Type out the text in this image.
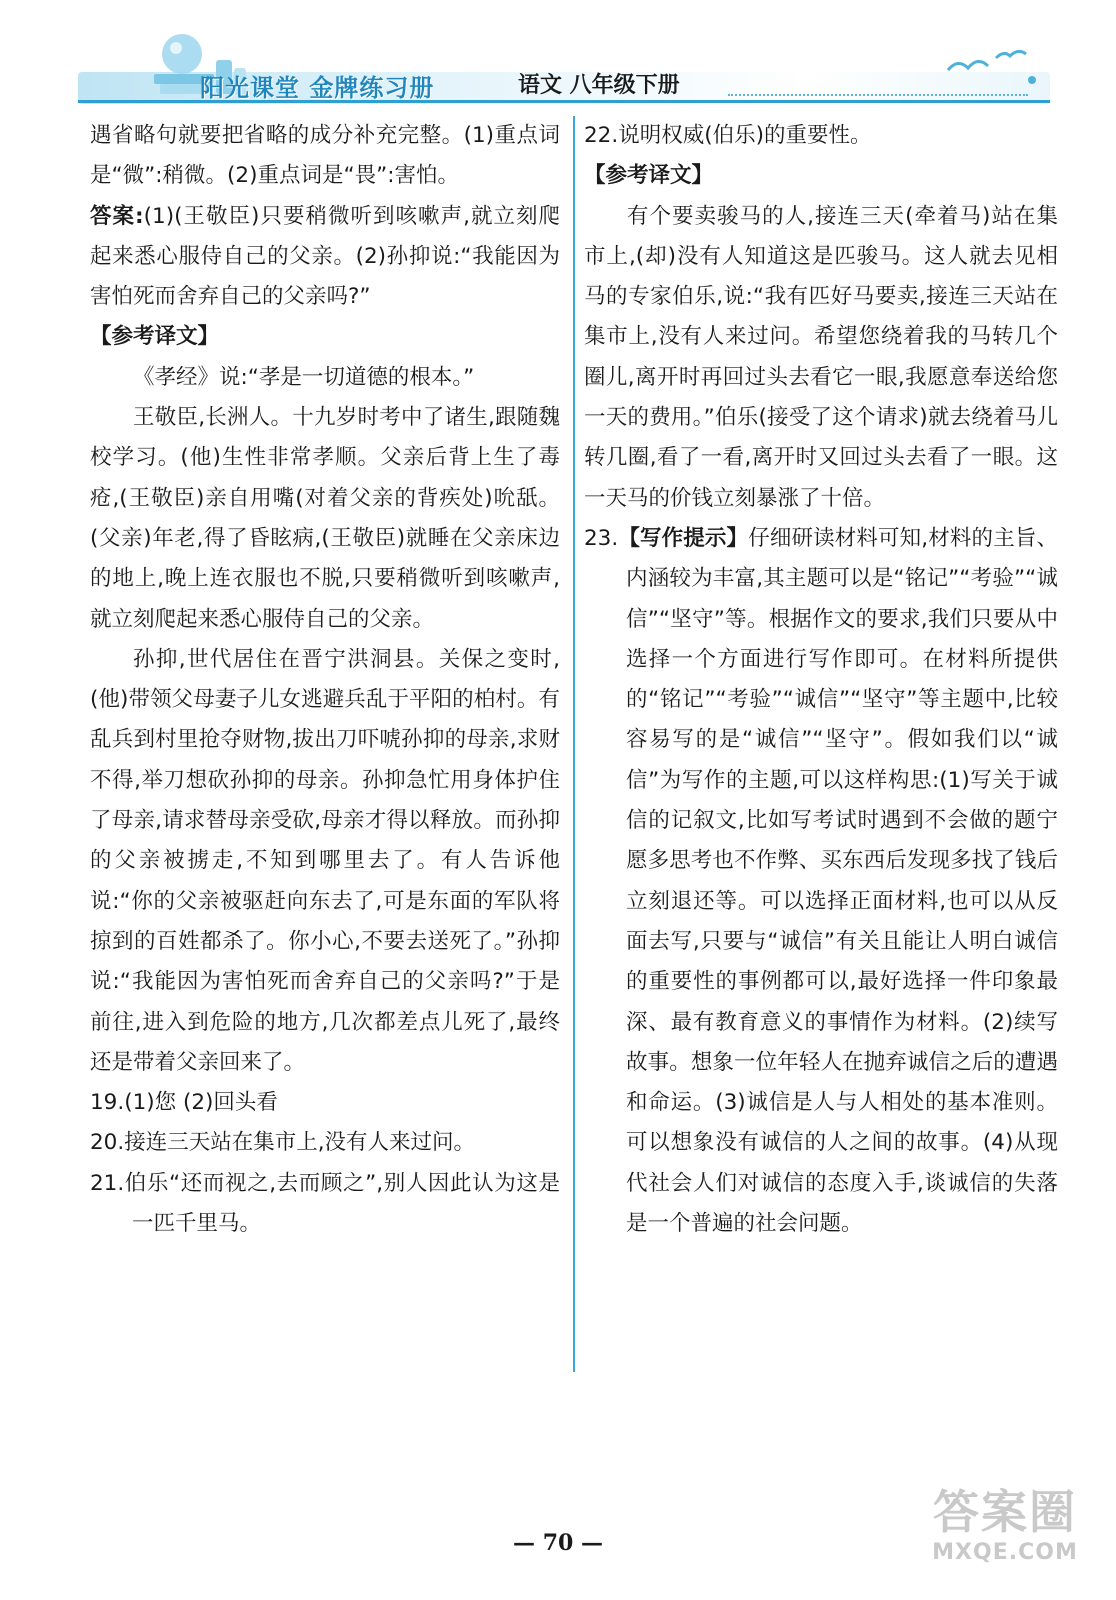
阳光课堂 金牌练习册	语文 八年级下册

遇省略句就要把省略的成分补充完整。(1)重点词是“微”:稍微。(2)重点词是“畏”:害怕。

答案:(1)(王敬臣)只要稍微听到咳嗽声,就立刻爬起来悉心服侍自己的父亲。(2)孙抑说:“我能因为害怕死而舍弃自己的父亲吗?”

【参考译文】

《孝经》说:“孝是一切道德的根本。”

王敬臣,长洲人。十九岁时考中了诸生,跟随魏校学习。(他)生性非常孝顺。父亲后背上生了毒疮,(王敬臣)亲自用嘴(对着父亲的背疾处)吮舐。(父亲)年老,得了昏眩病,(王敬臣)就睡在父亲床边的地上,晚上连衣服也不脱,只要稍微听到咳嗽声,就立刻爬起来悉心服侍自己的父亲。

孙抑,世代居住在晋宁洪洞县。关保之变时,(他)带领父母妻子儿女逃避兵乱于平阳的柏村。有乱兵到村里抢夺财物,拔出刀吓唬孙抑的母亲,求财不得,举刀想砍孙抑的母亲。孙抑急忙用身体护住了母亲,请求替母亲受砍,母亲才得以释放。而孙抑的父亲被掳走,不知到哪里去了。有人告诉他说:“你的父亲被驱赶向东去了,可是东面的军队将掠到的百姓都杀了。你小心,不要去送死了。”孙抑说:“我能因为害怕死而舍弃自己的父亲吗?”于是前往,进入到危险的地方,几次都差点儿死了,最终还是带着父亲回来了。

19.(1)您 (2)回头看

20.接连三天站在集市上,没有人来过问。

21.伯乐“还而视之,去而顾之”,别人因此认为这是一匹千里马。

22.说明权威(伯乐)的重要性。

【参考译文】

有个要卖骏马的人,接连三天(牵着马)站在集市上,(却)没有人知道这是匹骏马。这人就去见相马的专家伯乐,说:“我有匹好马要卖,接连三天站在集市上,没有人来过问。希望您绕着我的马转几个圈儿,离开时再回过头去看它一眼,我愿意奉送给您一天的费用。”伯乐(接受了这个请求)就去绕着马儿转几圈,看了一看,离开时又回过头去看了一眼。这一天马的价钱立刻暴涨了十倍。

23.【写作提示】仔细研读材料可知,材料的主旨、内涵较为丰富,其主题可以是“铭记”“考验”“诚信”“坚守”等。根据作文的要求,我们只要从中选择一个方面进行写作即可。在材料所提供的“铭记”“考验”“诚信”“坚守”等主题中,比较容易写的是“诚信”“坚守”。假如我们以“诚信”为写作的主题,可以这样构思:(1)写关于诚信的记叙文,比如写考试时遇到不会做的题宁愿多思考也不作弊、买东西后发现多找了钱后立刻退还等。可以选择正面材料,也可以从反面去写,只要与“诚信”有关且能让人明白诚信的重要性的事例都可以,最好选择一件印象最深、最有教育意义的事情作为材料。(2)续写故事。想象一位年轻人在抛弃诚信之后的遭遇和命运。(3)诚信是人与人相处的基本准则。可以想象没有诚信的人之间的故事。(4)从现代社会人们对诚信的态度入手,谈诚信的失落是一个普遍的社会问题。

— 70 —
答案圈
MXQE.COM
